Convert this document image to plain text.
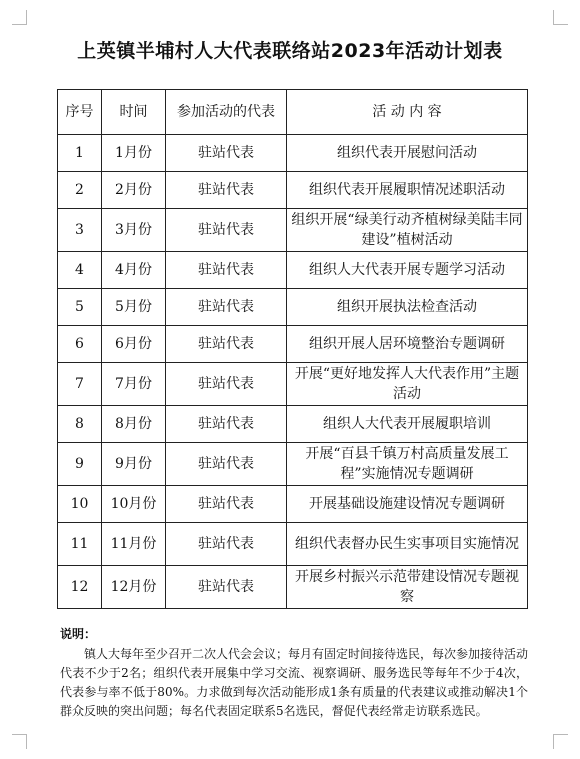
上英镇半埔村人大代表联络站2023年活动计划表
序号	时间	参加活动的代表	活 动 内 容
1	1月份	驻站代表	组织代表开展慰问活动
2	2月份	驻站代表	组织代表开展履职情况述职活动
3	3月份	驻站代表	组织开展“绿美行动齐植树绿美陆丰同建设”植树活动
4	4月份	驻站代表	组织人大代表开展专题学习活动
5	5月份	驻站代表	组织开展执法检查活动
6	6月份	驻站代表	组织开展人居环境整治专题调研
7	7月份	驻站代表	开展“更好地发挥人大代表作用”主题活动
8	8月份	驻站代表	组织人大代表开展履职培训
9	9月份	驻站代表	开展“百县千镇万村高质量发展工程”实施情况专题调研
10	10月份	驻站代表	开展基础设施建设情况专题调研
11	11月份	驻站代表	组织代表督办民生实事项目实施情况
12	12月份	驻站代表	开展乡村振兴示范带建设情况专题视察
说明：

镇人大每年至少召开二次人代会会议；每月有固定时间接待选民，每次参加接待活动代表不少于2名；组织代表开展集中学习交流、视察调研、服务选民等每年不少于4次，代表参与率不低于80%。力求做到每次活动能形成1条有质量的代表建议或推动解决1个群众反映的突出问题；每名代表固定联系5名选民，督促代表经常走访联系选民。
